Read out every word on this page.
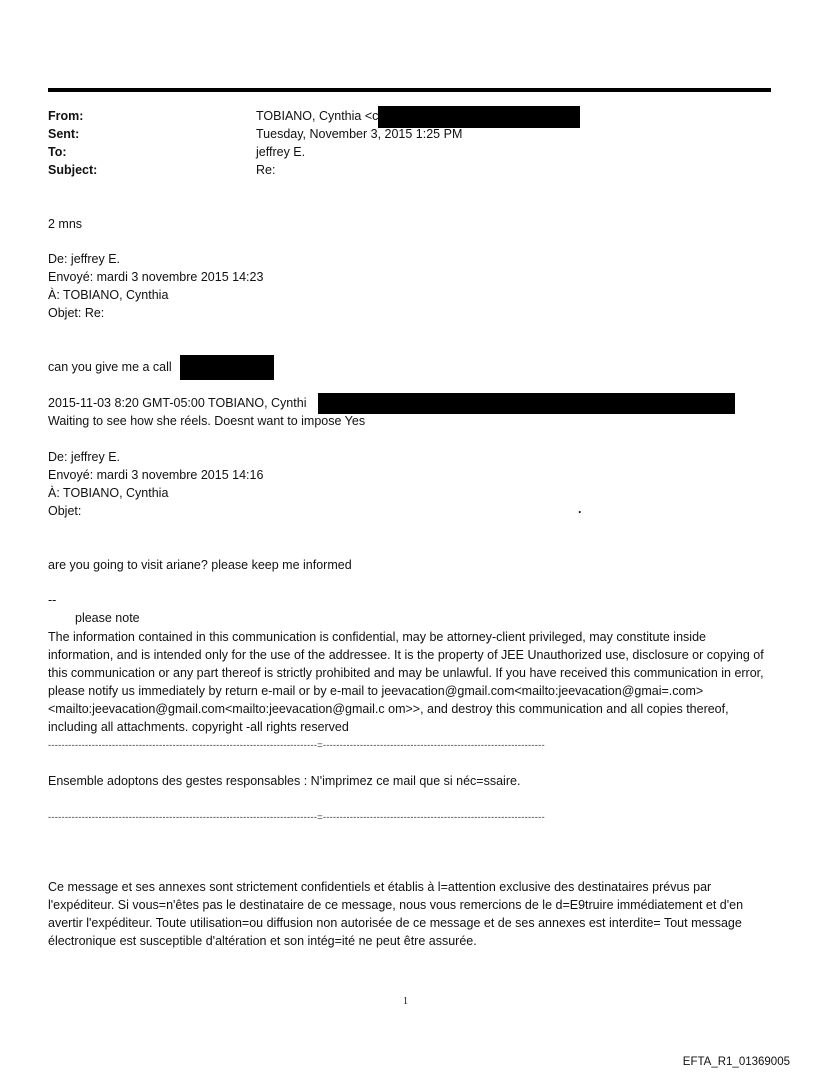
From:	TOBIANO, Cynthia <c
Sent:	Tuesday, November 3, 2015 1:25 PM
To:	jeffrey E.
Subject:	Re:
2 mns
De: jeffrey E.
Envoyé: mardi 3 novembre 2015 14:23
À: TOBIANO, Cynthia
Objet: Re:
can you give me a call
2015-11-03 8:20 GMT-05:00 TOBIANO, Cynthi
Waiting to see how she réels. Doesnt want to impose Yes
De: jeffrey E.
Envoyé: mardi 3 novembre 2015 14:16
À: TOBIANO, Cynthia
Objet:	.
are you going to visit ariane? please keep me informed
--
please note
The information contained in this communication is confidential, may be attorney-client privileged, may constitute inside information, and is intended only for the use of the addressee. It is the property of JEE Unauthorized use, disclosure or copying of this communication or any part thereof is strictly prohibited and may be unlawful. If you have received this communication in error, please notify us immediately by return e-mail or by e-mail to jeevacation@gmail.com<mailto:jeevacation@gmai=.com><mailto:jeevacation@gmail.com<mailto:jeevacation@gmail.c om>>, and destroy this communication and all copies thereof, including all attachments. copyright -all rights reserved
--------------------------------------------------------------------------------=------------------------------------------------------------------
Ensemble adoptons des gestes responsables : N'imprimez ce mail que si néc=ssaire.
--------------------------------------------------------------------------------=------------------------------------------------------------------
Ce message et ses annexes sont strictement confidentiels et établis à l=attention exclusive des destinataires prévus par l'expéditeur. Si vous=n'êtes pas le destinataire de ce message, nous vous remercions de le d=E9truire immédiatement et d'en avertir l'expéditeur. Toute utilisation=ou diffusion non autorisée de ce message et de ses annexes est interdite= Tout message électronique est susceptible d'altération et son intég=ité ne peut être assurée.
1
EFTA_R1_01369005
